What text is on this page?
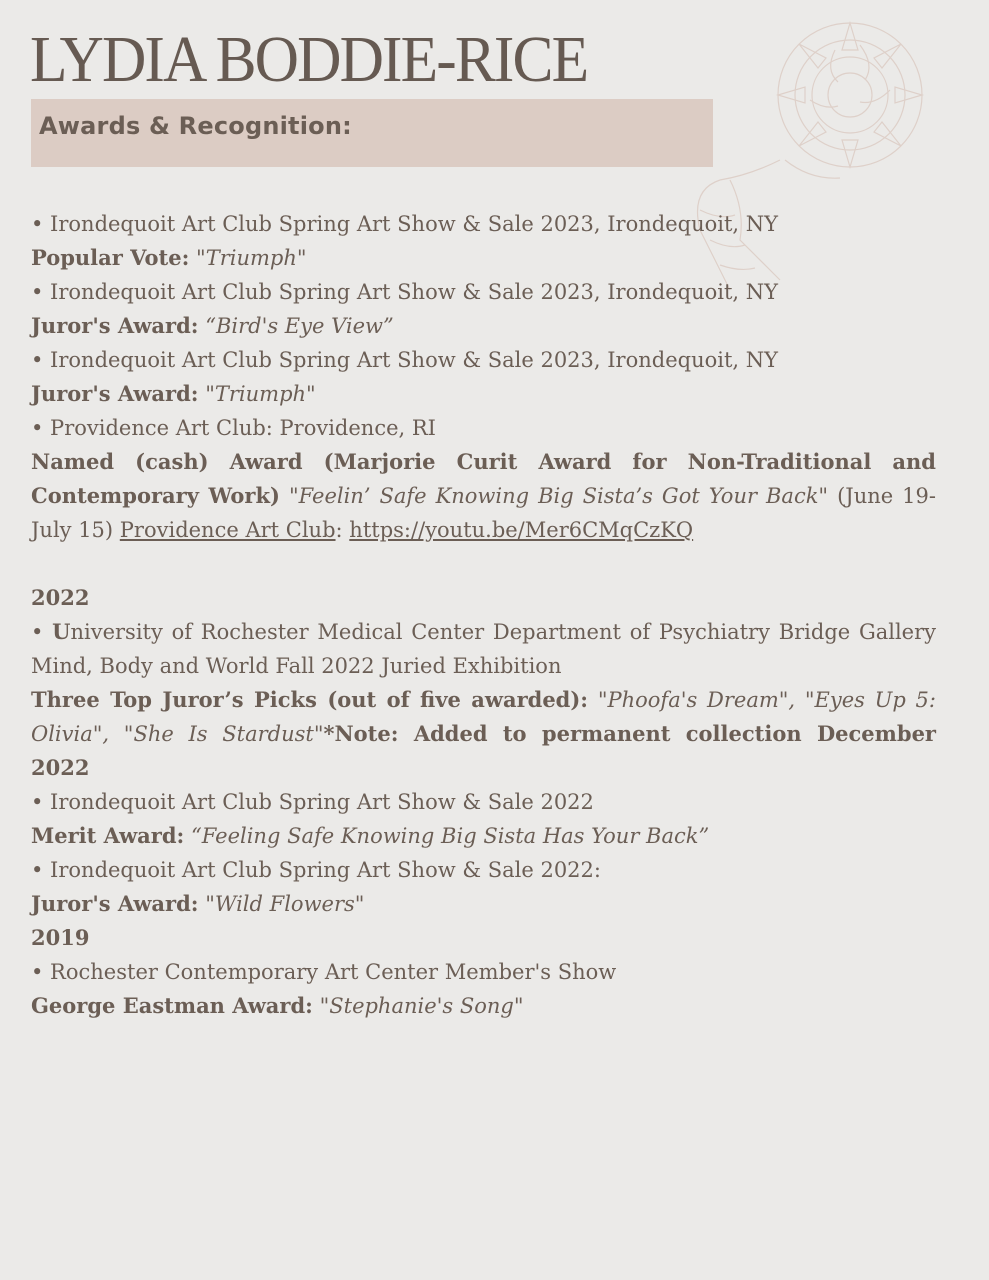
LYDIA BODDIE-RICE
Awards & Recognition:
• Irondequoit Art Club Spring Art Show & Sale 2023, Irondequoit, NY
Popular Vote: "Triumph"
• Irondequoit Art Club Spring Art Show & Sale 2023, Irondequoit, NY
Juror's Award: “Bird's Eye View”
• Irondequoit Art Club Spring Art Show & Sale 2023, Irondequoit, NY
Juror's Award: "Triumph"
• Providence Art Club: Providence, RI
Named (cash) Award (Marjorie Curit Award for Non-Traditional and Contemporary Work) "Feelin’ Safe Knowing Big Sista’s Got Your Back" (June 19-July 15) Providence Art Club: https://youtu.be/Mer6CMqCzKQ
2022
• University of Rochester Medical Center Department of Psychiatry Bridge Gallery Mind, Body and World Fall 2022 Juried Exhibition
Three Top Juror’s Picks (out of five awarded): "Phoofa's Dream", "Eyes Up 5: Olivia", "She Is Stardust"*Note: Added to permanent collection December 2022
• Irondequoit Art Club Spring Art Show & Sale 2022
Merit Award: “Feeling Safe Knowing Big Sista Has Your Back”
• Irondequoit Art Club Spring Art Show & Sale 2022:
Juror's Award: "Wild Flowers"
2019
• Rochester Contemporary Art Center Member's Show
George Eastman Award: "Stephanie's Song"
